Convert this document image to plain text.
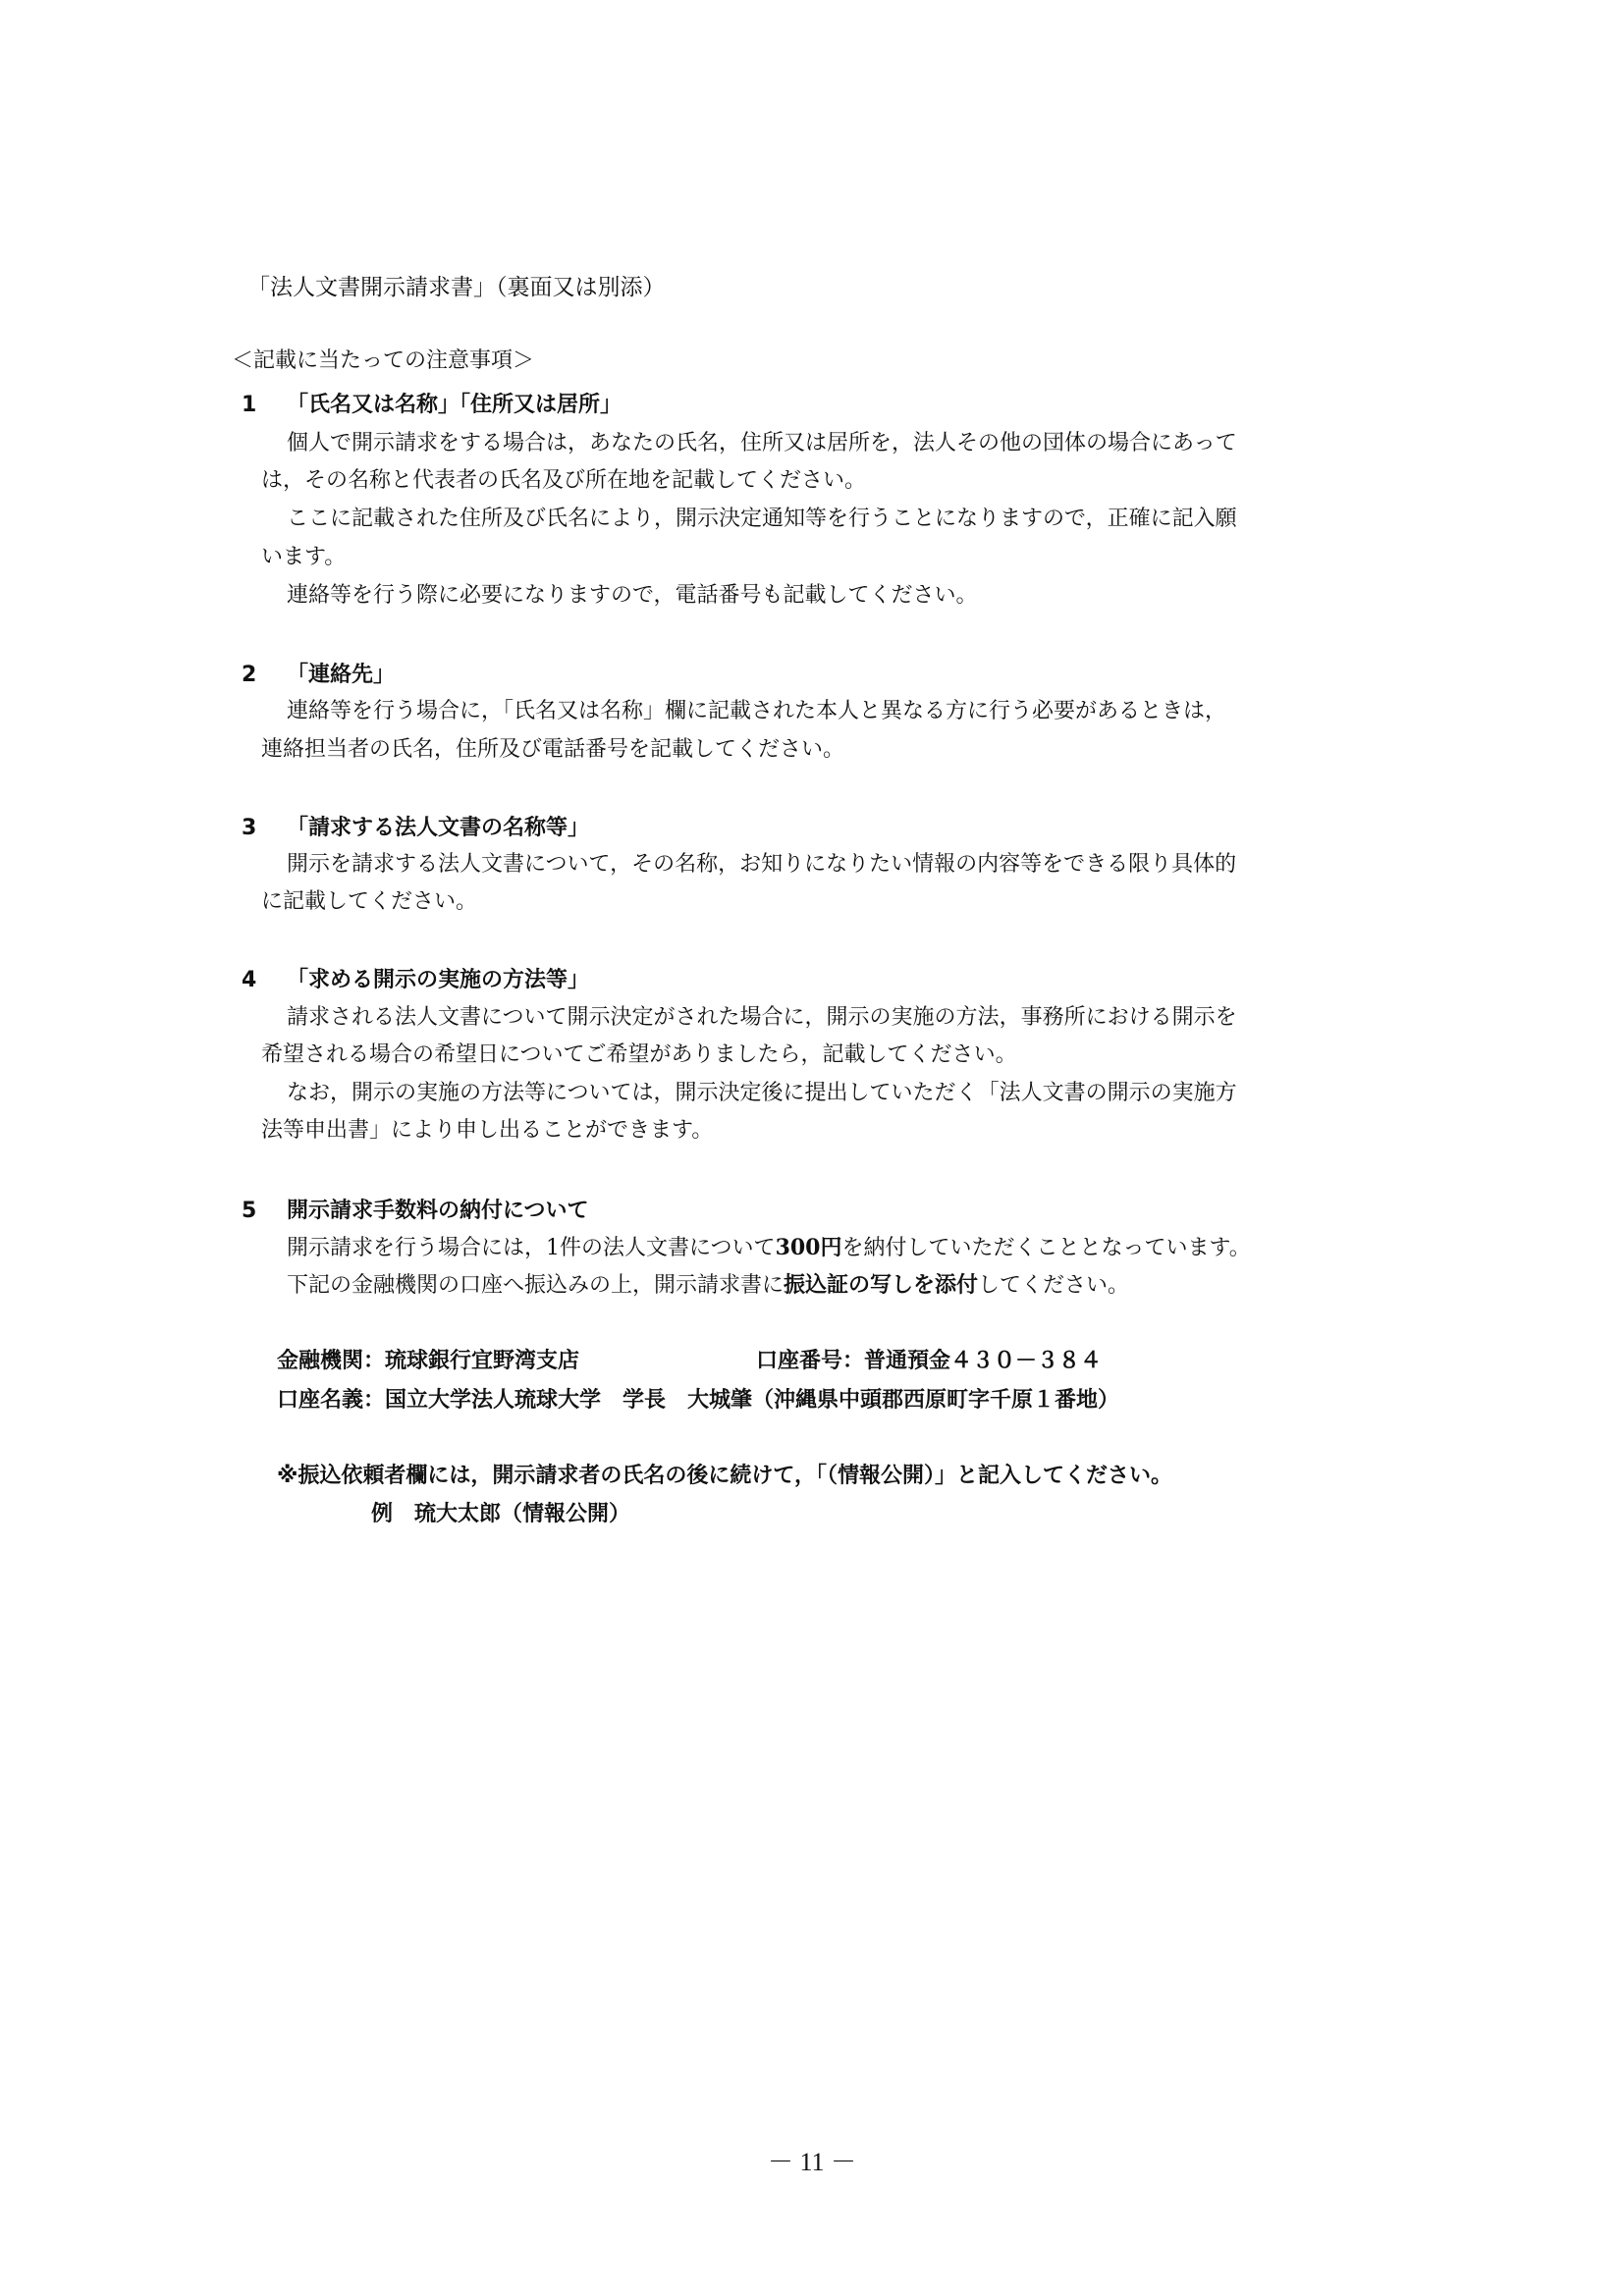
「法人文書開示請求書」（裏面又は別添）
＜記載に当たっての注意事項＞
1 「氏名又は名称」「住所又は居所」
個人で開示請求をする場合は，あなたの氏名，住所又は居所を，法人その他の団体の場合にあって
は，その名称と代表者の氏名及び所在地を記載してください。
ここに記載された住所及び氏名により，開示決定通知等を行うことになりますので，正確に記入願
います。
連絡等を行う際に必要になりますので，電話番号も記載してください。
2 「連絡先」
連絡等を行う場合に，「氏名又は名称」欄に記載された本人と異なる方に行う必要があるときは，
連絡担当者の氏名，住所及び電話番号を記載してください。
3 「請求する法人文書の名称等」
開示を請求する法人文書について，その名称，お知りになりたい情報の内容等をできる限り具体的
に記載してください。
4 「求める開示の実施の方法等」
請求される法人文書について開示決定がされた場合に，開示の実施の方法，事務所における開示を
希望される場合の希望日についてご希望がありましたら，記載してください。
なお，開示の実施の方法等については，開示決定後に提出していただく「法人文書の開示の実施方
法等申出書」により申し出ることができます。
5 開示請求手数料の納付について
開示請求を行う場合には，1件の法人文書について300円を納付していただくこととなっています。
下記の金融機関の口座へ振込みの上，開示請求書に振込証の写しを添付してください。
金融機関：琉球銀行宜野湾支店	口座番号：普通預金４３０－３８４
口座名義：国立大学法人琉球大学　学長　大城肇（沖縄県中頭郡西原町字千原１番地）
※振込依頼者欄には，開示請求者の氏名の後に続けて，「（情報公開）」と記入してください。
例　琉大太郎（情報公開）
－ 11 －
